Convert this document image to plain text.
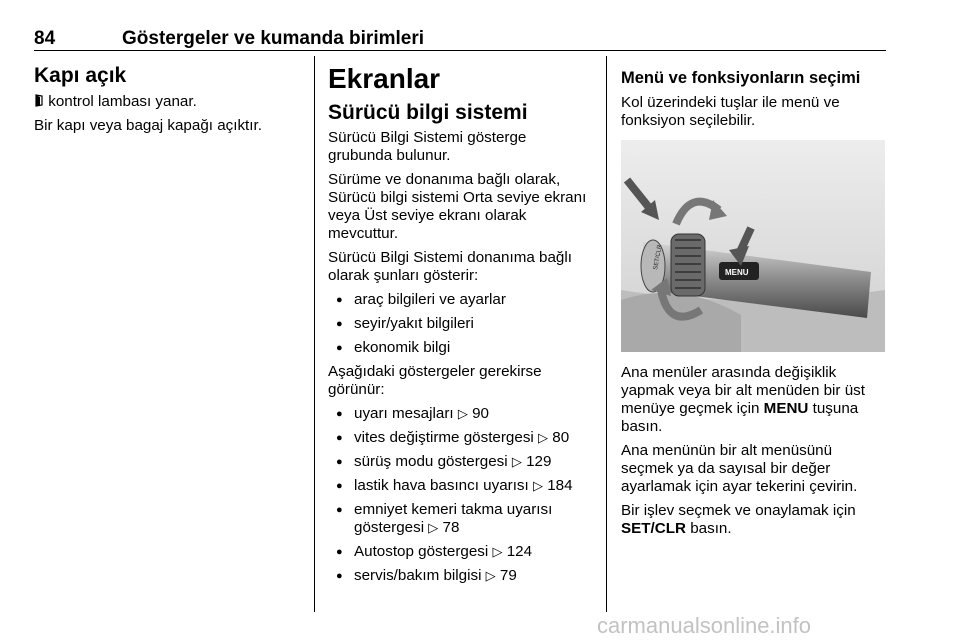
84	Göstergeler ve kumanda birimleri
Kapı açık

kontrol lambası yanar.

Bir kapı veya bagaj kapağı açıktır.

Ekranlar
Sürücü bilgi sistemi

Sürücü Bilgi Sistemi gösterge grubunda bulunur.

Sürüme ve donanıma bağlı olarak, Sürücü bilgi sistemi Orta seviye ekranı veya Üst seviye ekranı olarak mevcuttur.

Sürücü Bilgi Sistemi donanıma bağlı olarak şunları gösterir:

● araç bilgileri ve ayarlar
● seyir/yakıt bilgileri
● ekonomik bilgi

Aşağıdaki göstergeler gerekirse görünür:

● uyarı mesajları ▷ 90
● vites değiştirme göstergesi ▷ 80
● sürüş modu göstergesi ▷ 129
● lastik hava basıncı uyarısı ▷ 184
● emniyet kemeri takma uyarısı göstergesi ▷ 78
● Autostop göstergesi ▷ 124
● servis/bakım bilgisi ▷ 79
Menü ve fonksiyonların seçimi

Kol üzerindeki tuşlar ile menü ve fonksiyon seçilebilir.

MENU
SET/CLR

Ana menüler arasında değişiklik yapmak veya bir alt menüden bir üst menüye geçmek için MENU tuşuna basın.

Ana menünün bir alt menüsünü seçmek ya da sayısal bir değer ayarlamak için ayar tekerini çevirin.

Bir işlev seçmek ve onaylamak için SET/CLR basın.

carmanualsonline.info
